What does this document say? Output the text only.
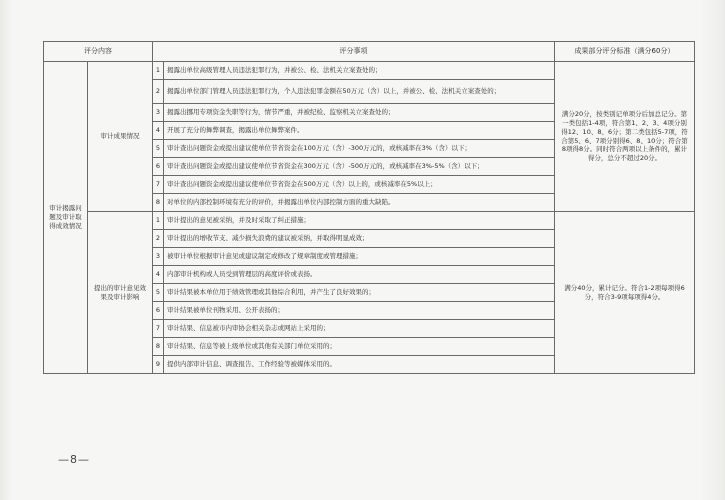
评分内容		评分事项		成果部分评分标准（满分60分）
审计揭露问题及审计取得成效情况	审计成果情况	1	揭露出单位高级管理人员违法犯罪行为，并被公、检、法机关立案查处的；	满分20分，按类别记单项分后加总记分。第一类包括1-4项，符合第1、2、3、4项分别得12、10、8、6分；第二类包括5-7项，符合第5、6、7项分别得6、8、10分；符合第8项得8分。同时符合两项以上条件的，累计得分，总分不超过20分。
		2	揭露出单位部门管理人员违法犯罪行为，个人违法犯罪金额在50万元（含）以上，并被公、检、法机关立案查处的；	
		3	揭露出挪用专项资金失职等行为，情节严重，并被纪检、监察机关立案查处的；	
		4	开展了充分的舞弊调查，揭露出单位舞弊案件。	
		5	审计查出问题资金或提出建议使单位节省资金在100万元（含）-300万元的，或核减率在3%（含）以下；	
		6	审计查出问题资金或提出建议使单位节省资金在300万元（含）-500万元的，或核减率在3%-5%（含）以下；	
		7	审计查出问题资金或提出建议使单位节省资金在500万元（含）以上的，或核减率在5%以上；	
		8	对单位的内部控制环境有充分的评价，并揭露出单位内部控制方面的重大缺陷。	
	提出的审计意见效果及审计影响	1	审计提出的意见被采纳，并及时采取了纠正措施；	满分40分，累计记分。符合1-2项每项得6分，符合3-9项每项得4分。
		2	审计提出的增收节支、减少损失浪费的建议被采纳，并取得明显成效；	
		3	被审计单位根据审计意见或建议制定或修改了规章制度或管理措施；	
		4	内部审计机构或人员受到管理层的高度评价或表扬。	
		5	审计结果被本单位用于绩效管理或其他综合利用，并产生了良好效果的；	
		6	审计结果被单位刊物采用、公开表扬的；	
		7	审计结果、信息被市内审协会相关杂志或网站上采用的；	
		8	审计结果、信息等被上级单位或其他有关部门单位采用的；	
		9	提供内部审计信息、调查报告、工作经验等被媒体采用的。	
—8—
